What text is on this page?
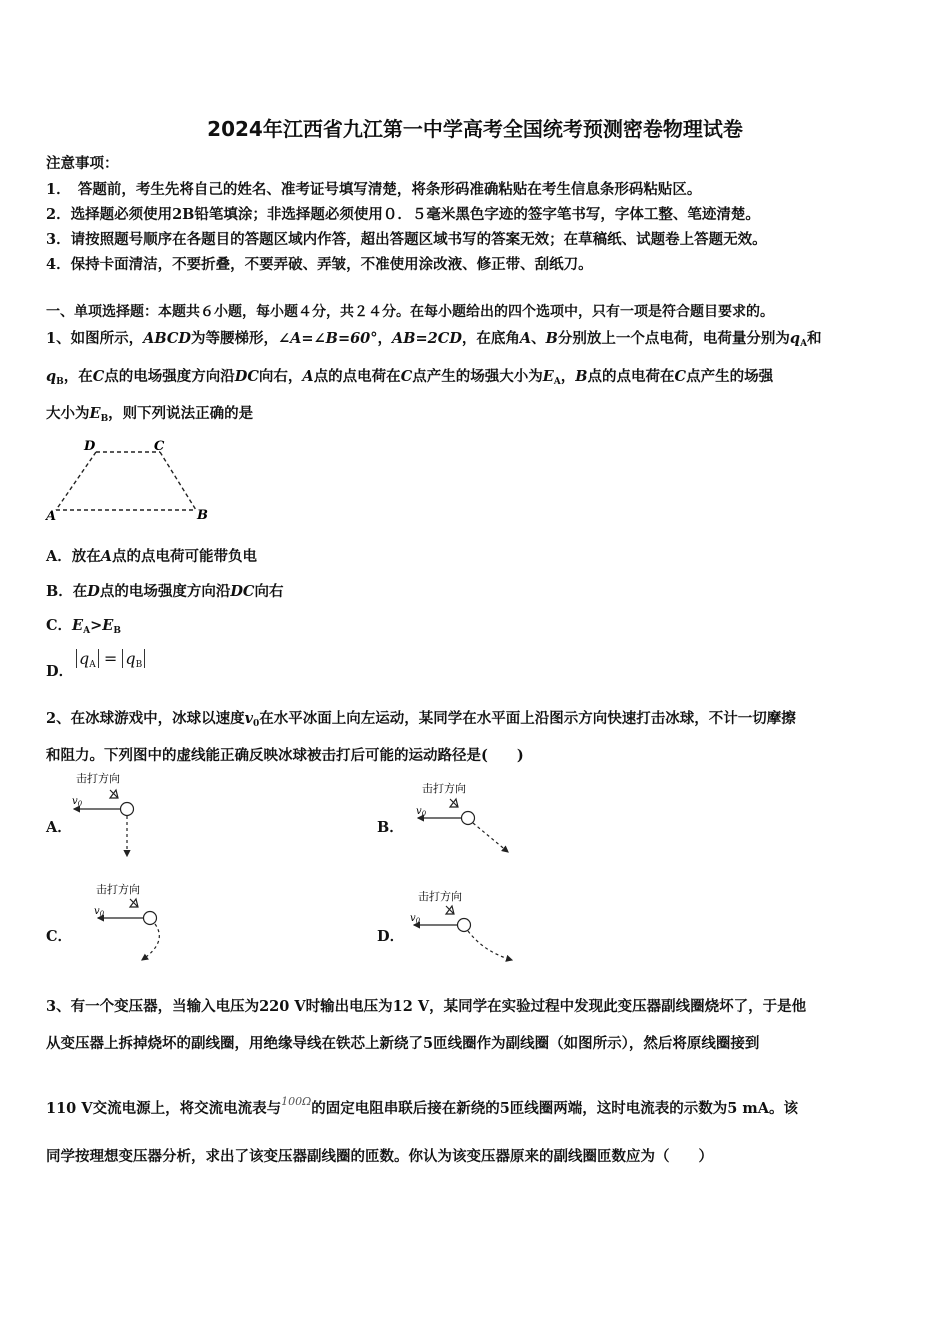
2024年江西省九江第一中学高考全国统考预测密卷物理试卷
注意事项：
1．　答题前，考生先将自己的姓名、准考证号填写清楚，将条形码准确粘贴在考生信息条形码粘贴区。
2．选择题必须使用2B铅笔填涂；非选择题必须使用０．５毫米黑色字迹的签字笔书写，字体工整、笔迹清楚。
3．请按照题号顺序在各题目的答题区域内作答，超出答题区域书写的答案无效；在草稿纸、试题卷上答题无效。
4．保持卡面清洁，不要折叠，不要弄破、弄皱，不准使用涂改液、修正带、刮纸刀。
一、单项选择题：本题共６小题，每小题４分，共２４分。在每小题给出的四个选项中，只有一项是符合题目要求的。
1、如图所示，ABCD为等腰梯形，∠A=∠B=60°，AB=2CD，在底角A、B分别放上一个点电荷，电荷量分别为$q_A$和
$q_B$，在C点的电场强度方向沿DC向右，A点的点电荷在C点产生的场强大小为$E_A$，B点的点电荷在C点产生的场强
大小为$E_B$，则下列说法正确的是
D	C
A	B
A．放在A点的点电荷可能带负电
B．在D点的电场强度方向沿DC向右
C．$E_A>E_B$
D．
$q_A = q_B$
2、在冰球游戏中，冰球以速度$v_0$在水平冰面上向左运动，某同学在水平面上沿图示方向快速打击冰球，不计一切摩擦
和阻力。下列图中的虚线能正确反映冰球被击打后可能的运动路径是(　　)
A．
击打方向
$v_0$
B．
击打方向
$v_0$
C．
击打方向
$v_0$
D．
击打方向
$v_0$
3、有一个变压器，当输入电压为220 V时输出电压为12 V，某同学在实验过程中发现此变压器副线圈烧坏了，于是他
从变压器上拆掉烧坏的副线圈，用绝缘导线在铁芯上新绕了5匝线圈作为副线圈（如图所示），然后将原线圈接到
110 V交流电源上，将交流电流表与$^{100\Omega}$的固定电阻串联后接在新绕的5匝线圈两端，这时电流表的示数为5 mA。该
同学按理想变压器分析，求出了该变压器副线圈的匝数。你认为该变压器原来的副线圈匝数应为（　　）
